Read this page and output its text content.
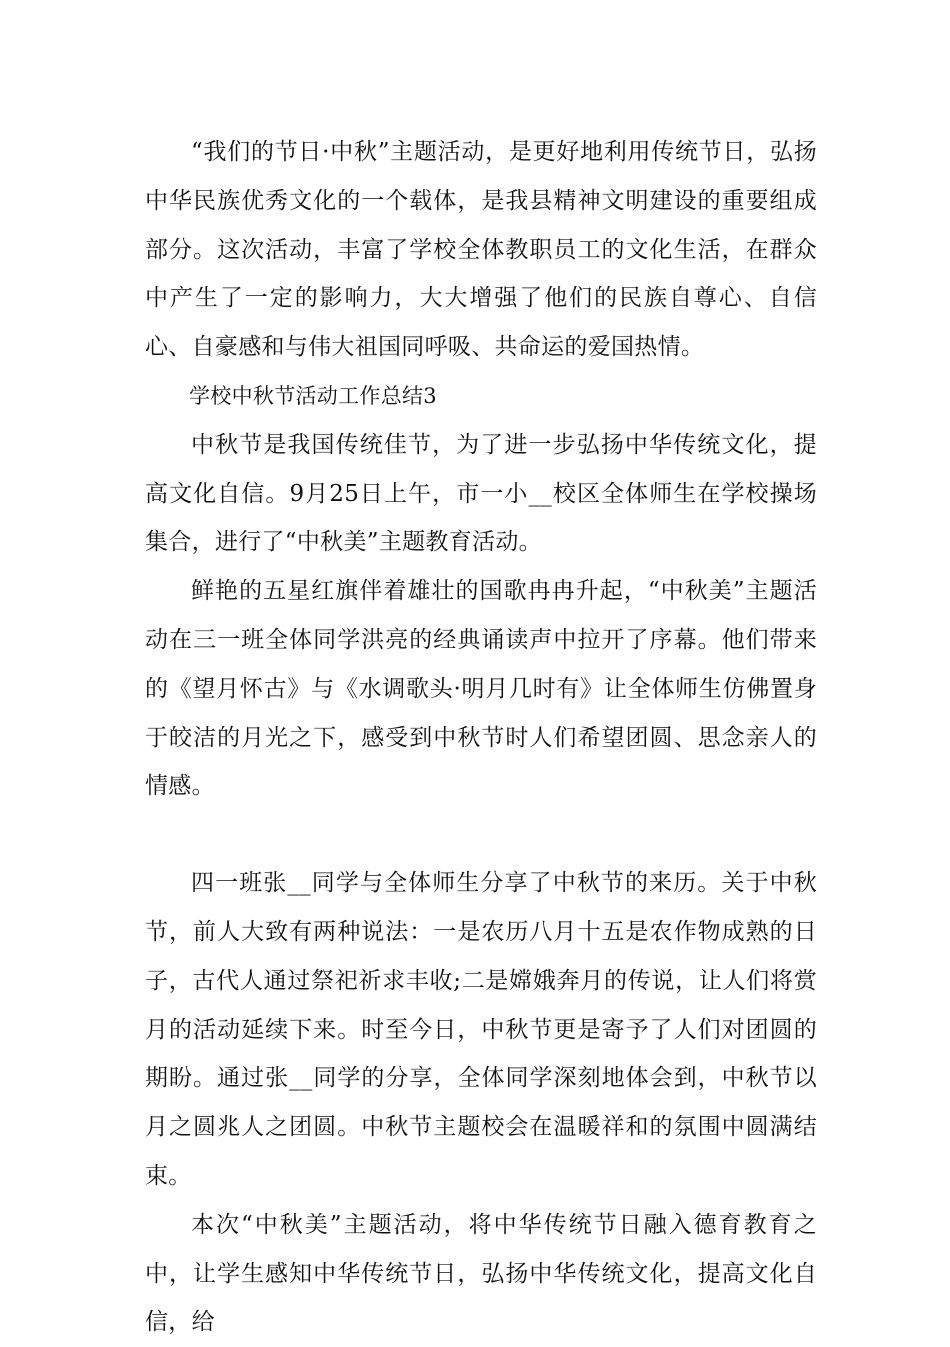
“我们的节日·中秋”主题活动，是更好地利用传统节日，弘扬中华民族优秀文化的一个载体，是我县精神文明建设的重要组成部分。这次活动，丰富了学校全体教职员工的文化生活，在群众中产生了一定的影响力，大大增强了他们的民族自尊心、自信心、自豪感和与伟大祖国同呼吸、共命运的爱国热情。

学校中秋节活动工作总结3

中秋节是我国传统佳节，为了进一步弘扬中华传统文化，提高文化自信。9月25日上午，市一小__校区全体师生在学校操场集合，进行了“中秋美”主题教育活动。

鲜艳的五星红旗伴着雄壮的国歌冉冉升起，“中秋美”主题活动在三一班全体同学洪亮的经典诵读声中拉开了序幕。他们带来的《望月怀古》与《水调歌头·明月几时有》让全体师生仿佛置身于皎洁的月光之下，感受到中秋节时人们希望团圆、思念亲人的情感。

四一班张__同学与全体师生分享了中秋节的来历。关于中秋节，前人大致有两种说法：一是农历八月十五是农作物成熟的日子，古代人通过祭祀祈求丰收;二是嫦娥奔月的传说，让人们将赏月的活动延续下来。时至今日，中秋节更是寄予了人们对团圆的期盼。通过张__同学的分享，全体同学深刻地体会到，中秋节以月之圆兆人之团圆。中秋节主题校会在温暖祥和的氛围中圆满结束。

本次“中秋美”主题活动，将中华传统节日融入德育教育之中，让学生感知中华传统节日，弘扬中华传统文化，提高文化自信，给
